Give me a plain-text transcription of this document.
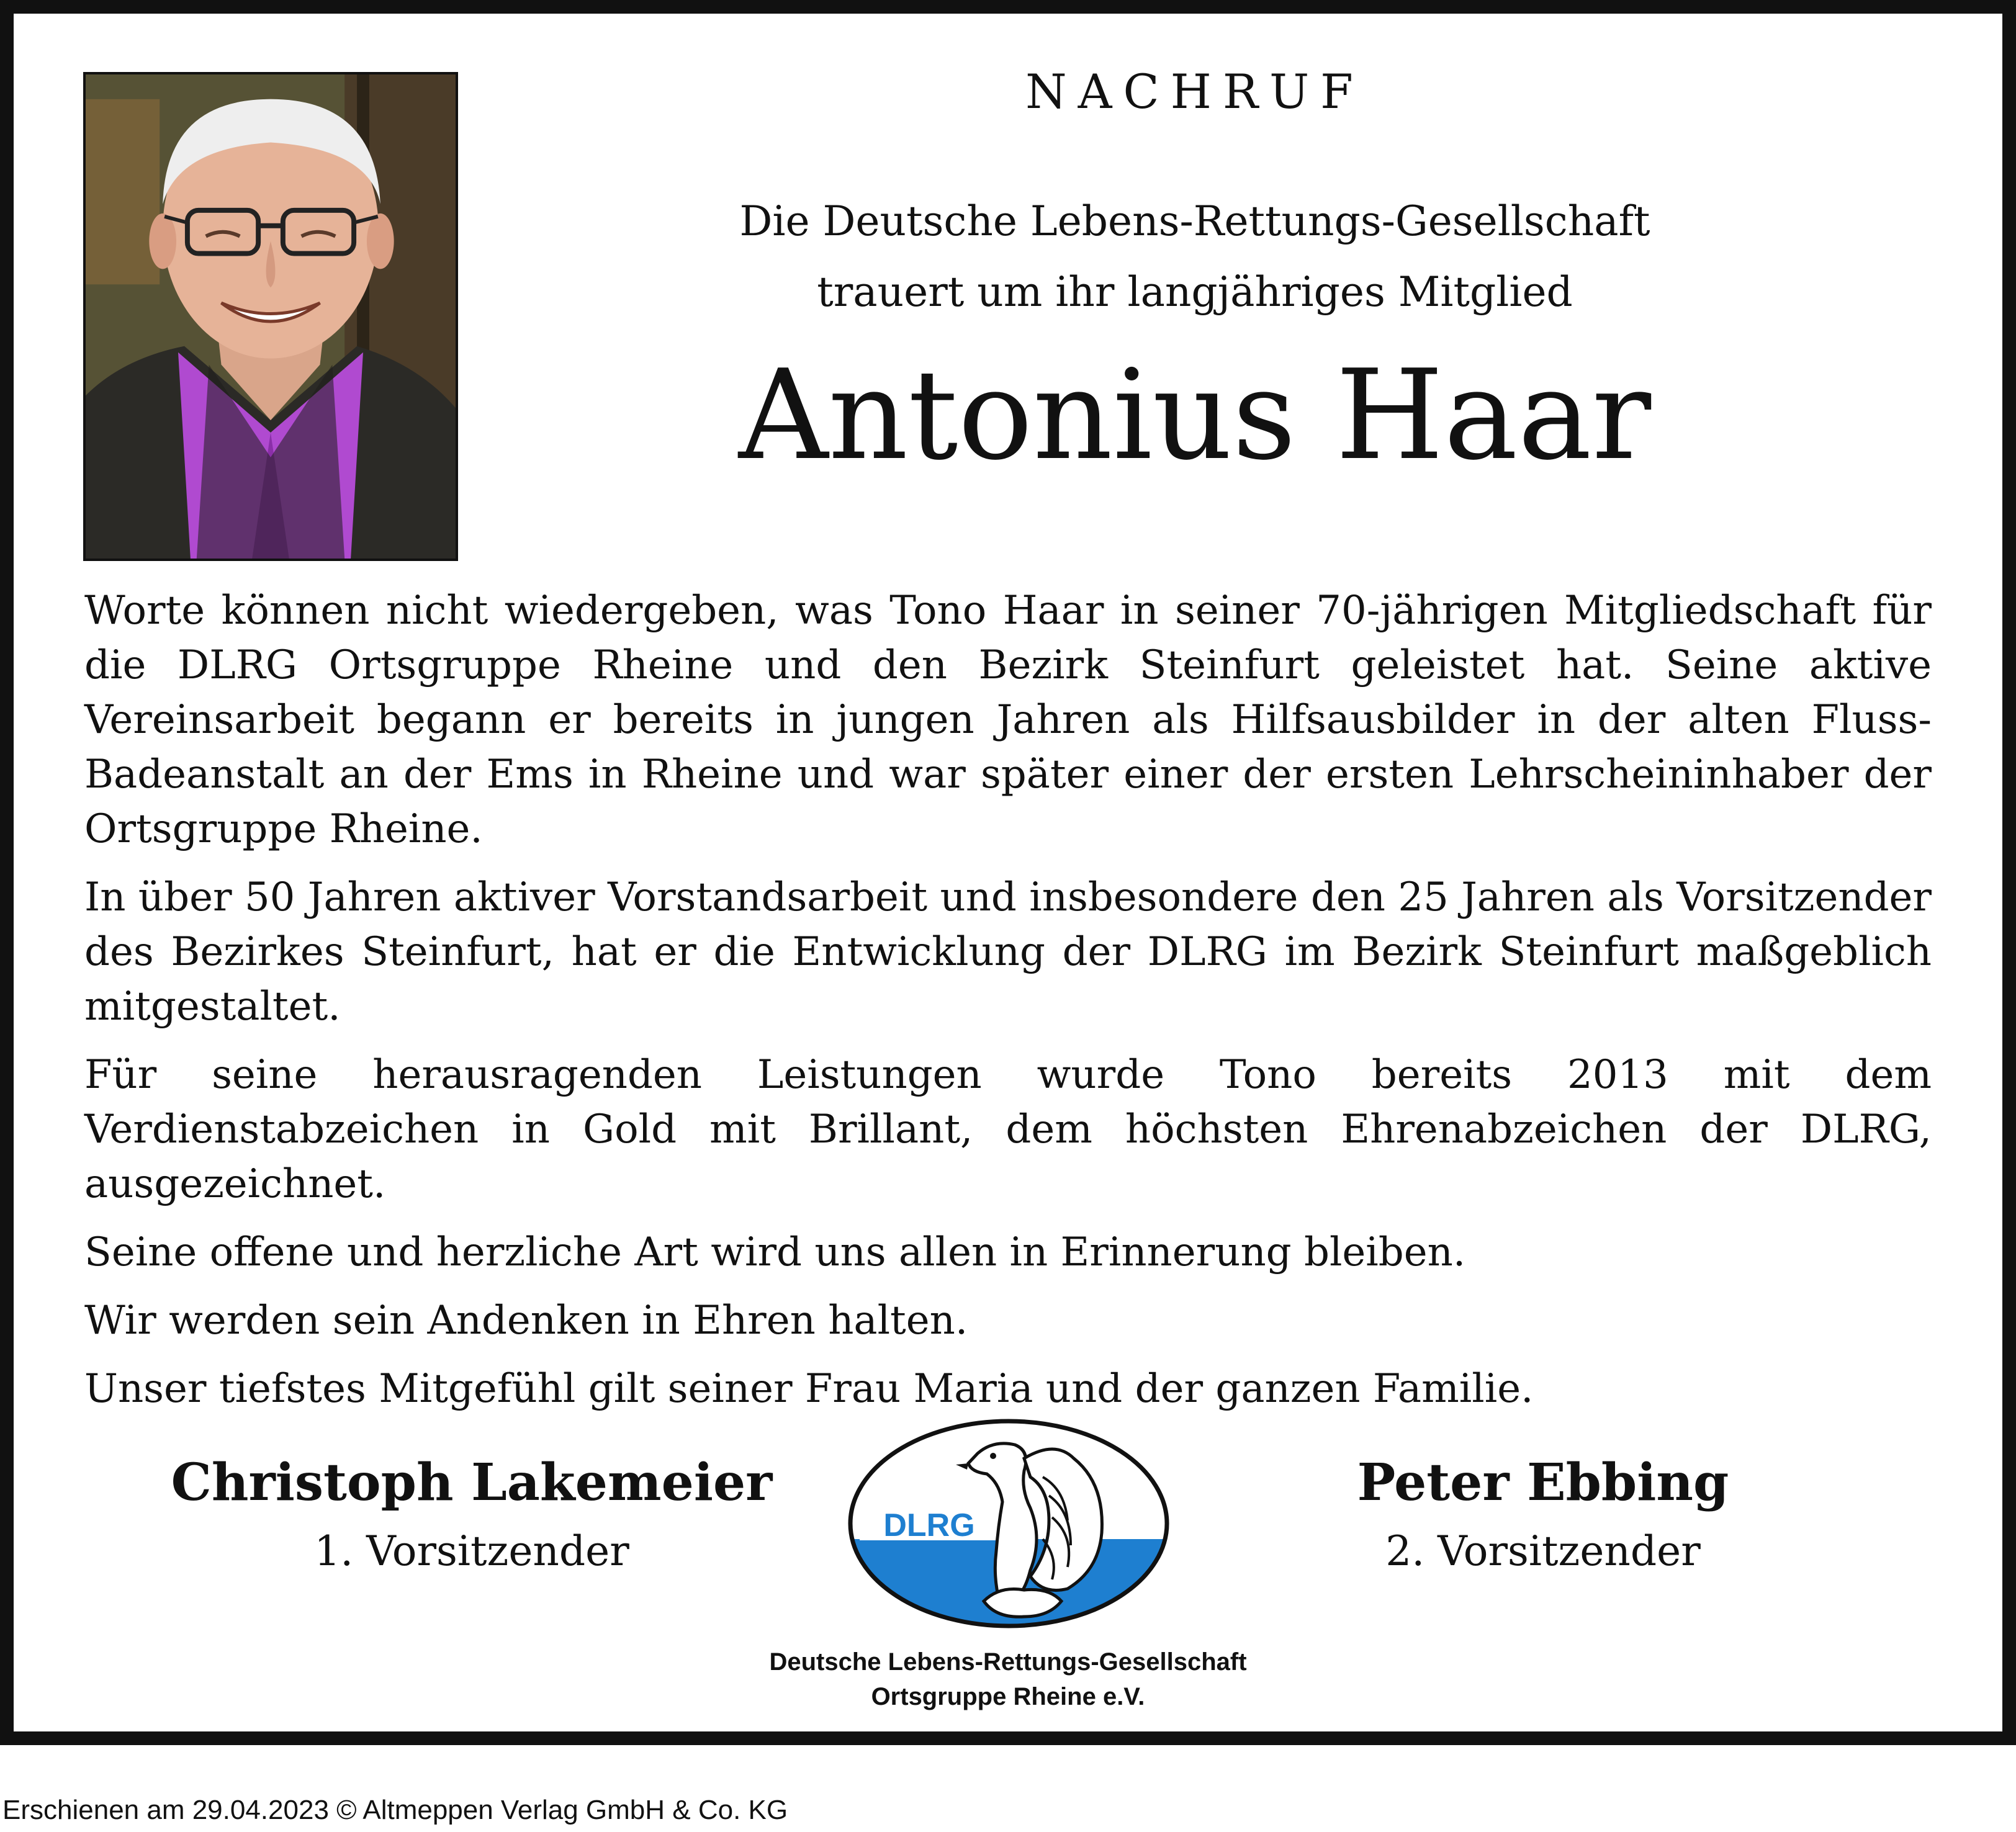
NACHRUF
Die Deutsche Lebens-Rettungs-Gesellschaft
trauert um ihr langjähriges Mitglied
Antonius Haar

Worte können nicht wiedergeben, was Tono Haar in seiner 70-jährigen Mitgliedschaft für die DLRG Ortsgruppe Rheine und den Bezirk Steinfurt geleistet hat. Seine aktive Vereinsarbeit begann er bereits in jungen Jahren als Hilfsausbilder in der alten Fluss-Badeanstalt an der Ems in Rheine und war später einer der ersten Lehrscheininhaber der Ortsgruppe Rheine.

In über 50 Jahren aktiver Vorstandsarbeit und insbesondere den 25 Jahren als Vorsitzender des Bezirkes Steinfurt, hat er die Entwicklung der DLRG im Bezirk Steinfurt maßgeblich mitgestaltet.

Für seine herausragenden Leistungen wurde Tono bereits 2013 mit dem Verdienstabzeichen in Gold mit Brillant, dem höchsten Ehrenabzeichen der DLRG, ausgezeichnet.

Seine offene und herzliche Art wird uns allen in Erinnerung bleiben.

Wir werden sein Andenken in Ehren halten.

Unser tiefstes Mitgefühl gilt seiner Frau Maria und der ganzen Familie.

Christoph Lakemeier
1. Vorsitzender
DLRG
Peter Ebbing
2. Vorsitzender
Deutsche Lebens-Rettungs-Gesellschaft
Ortsgruppe Rheine e.V.
Erschienen am 29.04.2023 © Altmeppen Verlag GmbH & Co. KG
